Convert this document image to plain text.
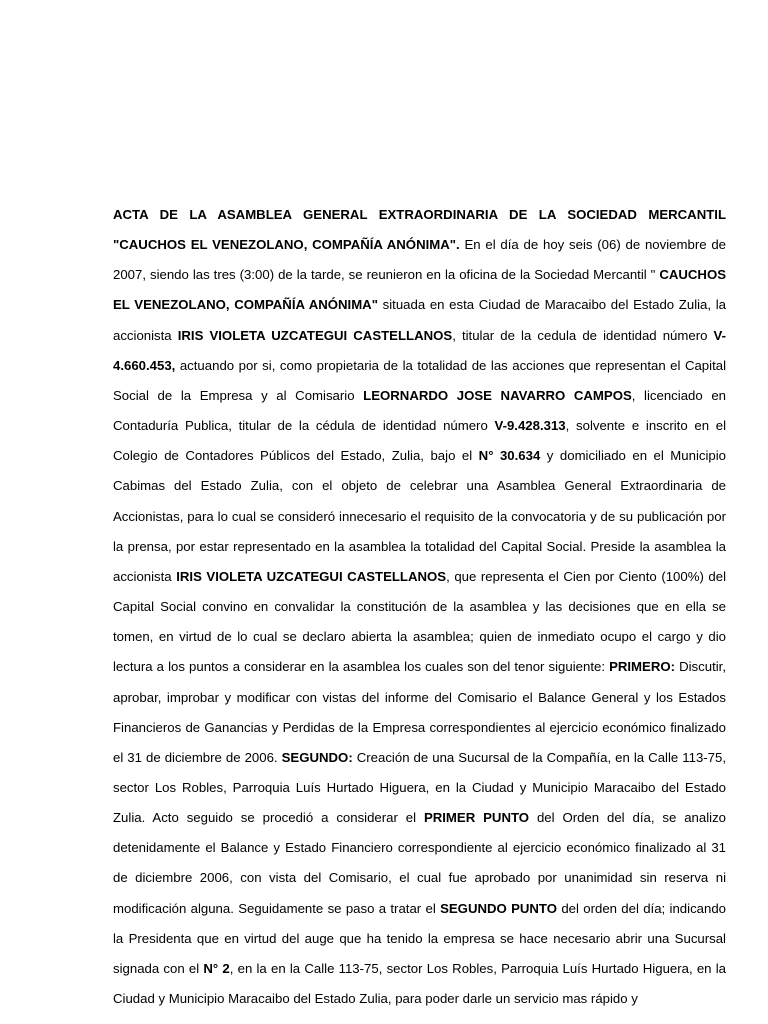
ACTA DE LA ASAMBLEA GENERAL EXTRAORDINARIA DE LA SOCIEDAD MERCANTIL "CAUCHOS EL VENEZOLANO, COMPAÑÍA ANÓNIMA". En el día de hoy seis (06) de noviembre de 2007, siendo las tres (3:00) de la tarde, se reunieron en la oficina de la Sociedad Mercantil " CAUCHOS EL VENEZOLANO, COMPAÑÍA ANÓNIMA" situada en esta Ciudad de Maracaibo del Estado Zulia, la accionista IRIS VIOLETA UZCATEGUI CASTELLANOS, titular de la cedula de identidad número V-4.660.453, actuando por si, como propietaria de la totalidad de las acciones que representan el Capital Social de la Empresa y al Comisario LEORNARDO JOSE NAVARRO CAMPOS, licenciado en Contaduría Publica, titular de la cédula de identidad número V-9.428.313, solvente e inscrito en el Colegio de Contadores Públicos del Estado, Zulia, bajo el N° 30.634 y domiciliado en el Municipio Cabimas del Estado Zulia, con el objeto de celebrar una Asamblea General Extraordinaria de Accionistas, para lo cual se consideró innecesario el requisito de la convocatoria y de su publicación por la prensa, por estar representado en la asamblea la totalidad del Capital Social. Preside la asamblea la accionista IRIS VIOLETA UZCATEGUI CASTELLANOS, que representa el Cien por Ciento (100%) del Capital Social convino en convalidar la constitución de la asamblea y las decisiones que en ella se tomen, en virtud de lo cual se declaro abierta la asamblea; quien de inmediato ocupo el cargo y dio lectura a los puntos a considerar en la asamblea los cuales son del tenor siguiente: PRIMERO: Discutir, aprobar, improbar y modificar con vistas del informe del Comisario el Balance General y los Estados Financieros de Ganancias y Perdidas de la Empresa correspondientes al ejercicio económico finalizado el 31 de diciembre de 2006. SEGUNDO: Creación de una Sucursal de la Compañía, en la Calle 113-75, sector Los Robles, Parroquia Luís Hurtado Higuera, en la Ciudad y Municipio Maracaibo del Estado Zulia. Acto seguido se procedió a considerar el PRIMER PUNTO del Orden del día, se analizo detenidamente el Balance y Estado Financiero correspondiente al ejercicio económico finalizado al 31 de diciembre 2006, con vista del Comisario, el cual fue aprobado por unanimidad sin reserva ni modificación alguna. Seguidamente se paso a tratar el SEGUNDO PUNTO del orden del día; indicando la Presidenta que en virtud del auge que ha tenido la empresa se hace necesario abrir una Sucursal signada con el N° 2, en la en la Calle 113-75, sector Los Robles, Parroquia Luís Hurtado Higuera, en la Ciudad y Municipio Maracaibo del Estado Zulia, para poder darle un servicio mas rápido y
